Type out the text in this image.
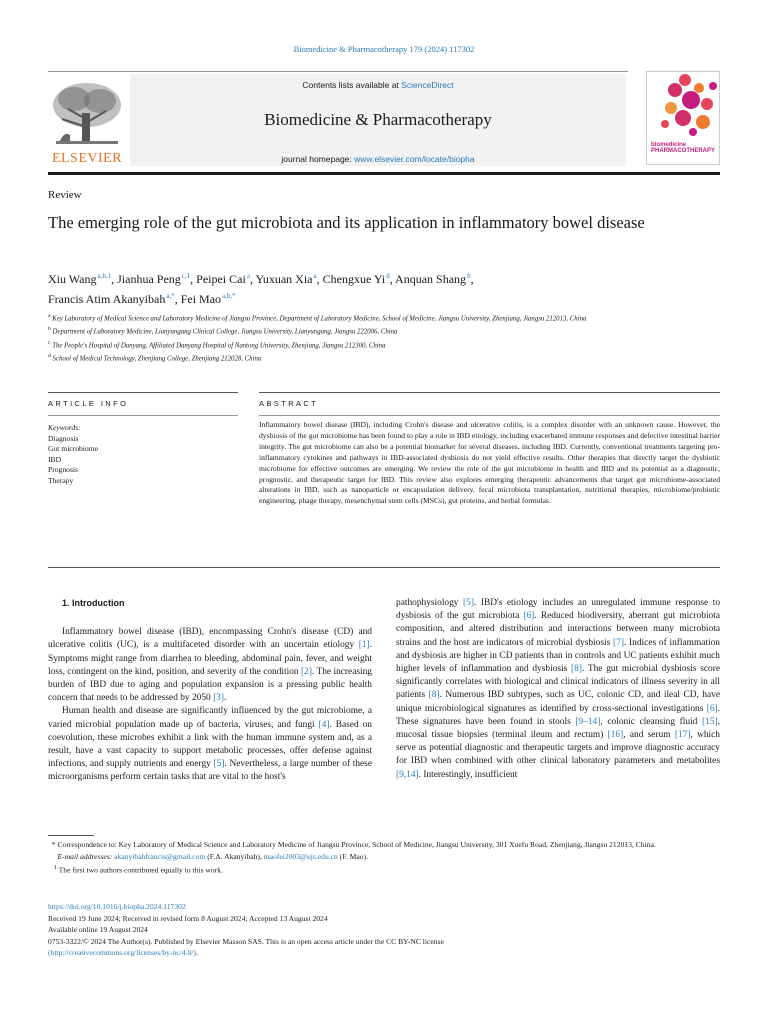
Biomedicine & Pharmacotherapy 179 (2024) 117302
ELSEVIER
Contents lists available at ScienceDirect
Biomedicine & Pharmacotherapy
journal homepage: www.elsevier.com/locate/biopha
biomedicine
PHARMACOTHERAPY
Review
The emerging role of the gut microbiota and its application in inflammatory bowel disease
Xiu Wang $^{a,b,1}$, Jianhua Peng $^{c,1}$, Peipei Cai $^a$, Yuxuan Xia $^a$, Chengxue Yi $^d$, Anquan Shang $^b$,
Francis Atim Akanyibah $^{a,*}$, Fei Mao $^{a,b,*}$
$^a$ Key Laboratory of Medical Science and Laboratory Medicine of Jiangsu Province, Department of Laboratory Medicine, School of Medicine, Jiangsu University, Zhenjiang, Jiangsu 212013, China
$^b$ Department of Laboratory Medicine, Lianyungang Clinical College, Jiangsu University, Lianyungang, Jiangsu 222006, China
$^c$ The People's Hospital of Danyang, Affiliated Danyang Hospital of Nantong University, Zhenjiang, Jiangsu 212300, China
$^d$ School of Medical Technology, Zhenjiang College, Zhenjiang 212028, China
ARTICLE INFO	ABSTRACT
Keywords:
Diagnosis
Gut microbiome
IBD
Prognosis
Therapy
Inflammatory bowel disease (IBD), including Crohn's disease and ulcerative colitis, is a complex disorder with an unknown cause. However, the dysbiosis of the gut microbiome has been found to play a role in IBD etiology, including exacerbated immune responses and defective intestinal barrier integrity. The gut microbiome can also be a potential biomarker for several diseases, including IBD. Currently, conventional treatments targeting pro-inflammatory cytokines and pathways in IBD-associated dysbiosis do not yield effective results. Other therapies that directly target the dysbiotic microbiome for effective outcomes are emerging. We review the role of the gut microbiome in health and IBD and its potential as a diagnostic, prognostic, and therapeutic target for IBD. This review also explores emerging therapeutic advancements that target gut microbiome-associated alterations in IBD, such as nanoparticle or encapsulation delivery, fecal microbiota transplantation, nutritional therapies, microbiome/probiotic engineering, phage therapy, mesenchymal stem cells (MSCs), gut proteins, and herbal formulas.

1. Introduction

Inflammatory bowel disease (IBD), encompassing Crohn's disease (CD) and ulcerative colitis (UC), is a multifaceted disorder with an uncertain etiology [1]. Symptoms might range from diarrhea to bleeding, abdominal pain, fever, and weight loss, contingent on the kind, position, and severity of the condition [2]. The increasing burden of IBD due to aging and population expansion is a pressing public health concern that needs to be addressed by 2050 [3].

Human health and disease are significantly influenced by the gut microbiome, a varied microbial population made up of bacteria, viruses, and fungi [4]. Based on coevolution, these microbes exhibit a link with the human immune system and, as a result, have a vast capacity to support metabolic processes, offer defense against infections, and supply nutrients and energy [5]. Nevertheless, a large number of these microorganisms perform certain tasks that are vital to the host's

pathophysiology [5]. IBD's etiology includes an unregulated immune response to dysbiosis of the gut microbiota [6]. Reduced biodiversity, aberrant gut microbiota composition, and altered distribution and interactions between many microbiota strains and the host are indicators of microbial dysbiosis [7]. Indices of inflammation and dysbiosis are higher in CD patients than in controls and UC patients exhibit much higher levels of inflammation and dysbiosis [8]. The gut microbial dysbiosis score significantly correlates with biological and clinical indicators of illness severity in all patients [8]. Numerous IBD subtypes, such as UC, colonic CD, and ileal CD, have unique microbiological signatures as identified by cross-sectional investigations [6]. These signatures have been found in stools [9–14], colonic cleansing fluid [15], mucosal tissue biopsies (terminal ileum and rectum) [16], and serum [17], which serve as potential diagnostic and therapeutic targets and improve diagnostic accuracy for IBD when combined with other clinical laboratory parameters and metabolites [9,14]. Interestingly, insufficient

* Correspondence to: Key Laboratory of Medical Science and Laboratory Medicine of Jiangsu Province, School of Medicine, Jiangsu University, 301 Xuefu Road, Zhenjiang, Jiangsu 212013, China.
E-mail addresses: akanyibahfrancis@gmail.com (F.A. Akanyibah), maofei2003@ujs.edu.cn (F. Mao).
$^1$ The first two authors contributed equally to this work.
https://doi.org/10.1016/j.biopha.2024.117302
Received 19 June 2024; Received in revised form 8 August 2024; Accepted 13 August 2024
Available online 19 August 2024
0753-3322/© 2024 The Author(s). Published by Elsevier Masson SAS. This is an open access article under the CC BY-NC license
(http://creativecommons.org/licenses/by-nc/4.0/).
